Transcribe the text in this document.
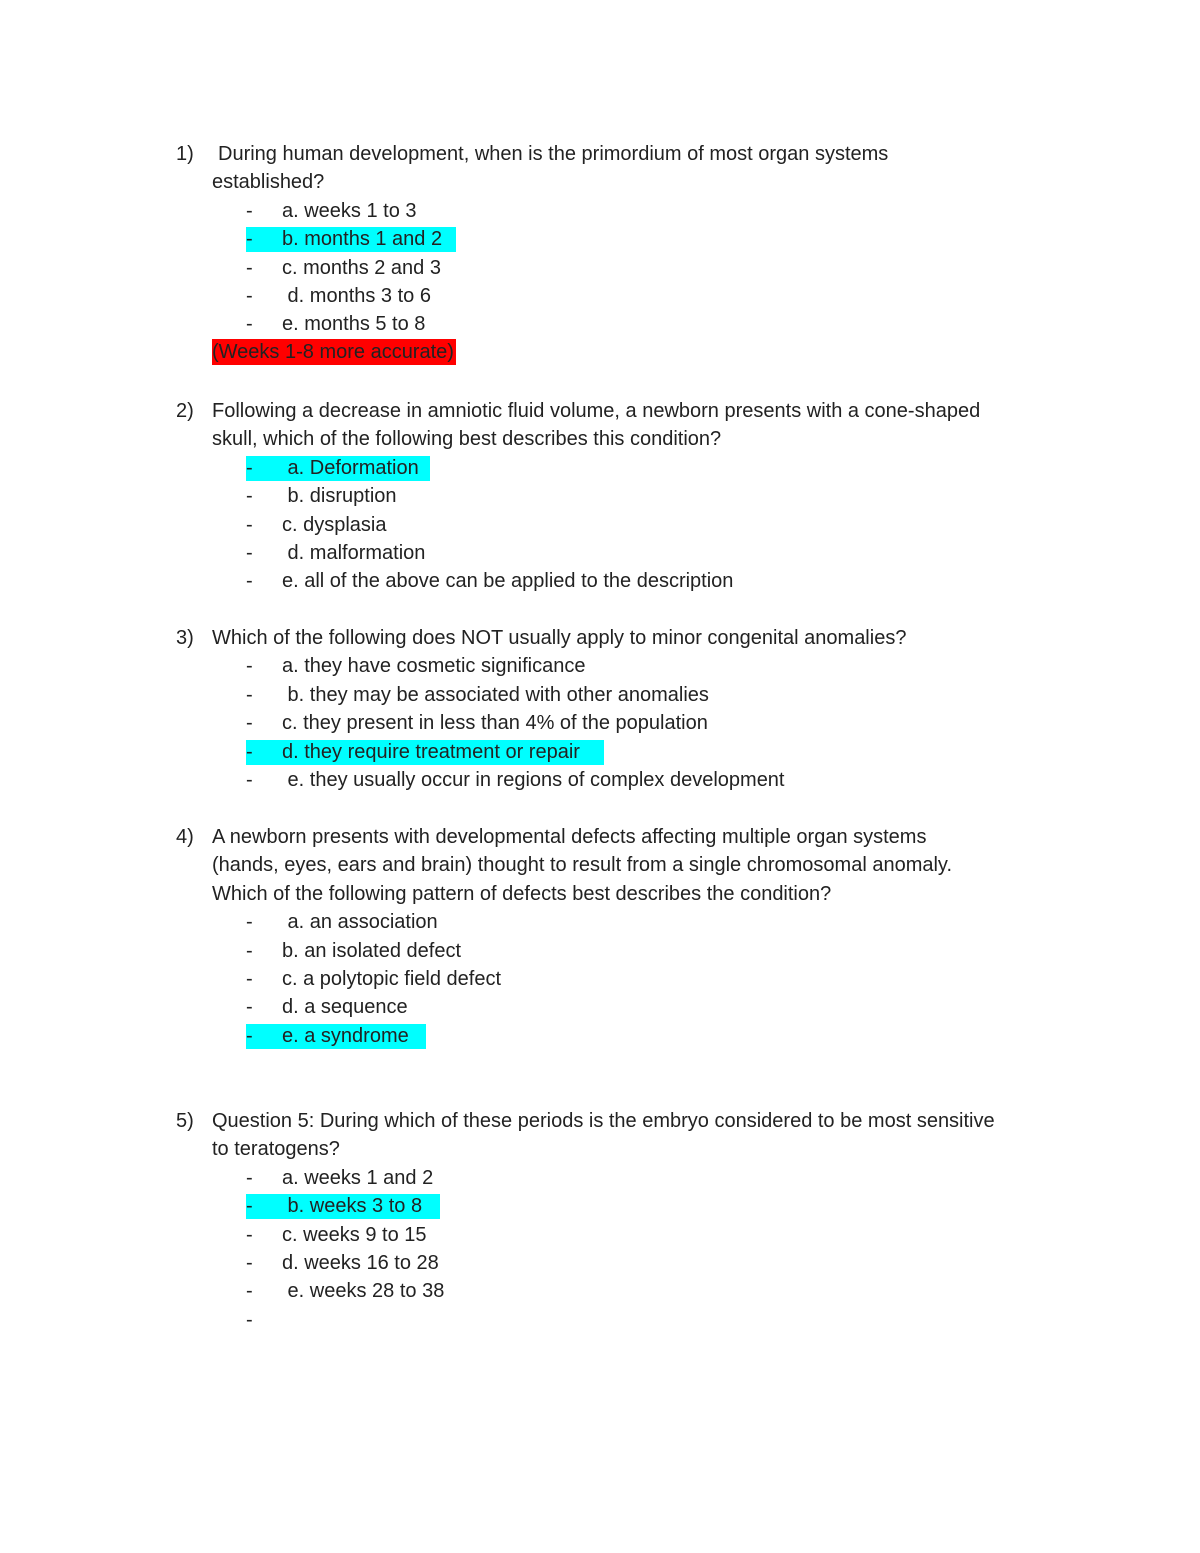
1)	During human development, when is the primordium of most organ systems
established?
- a. weeks 1 to 3
- b. months 1 and 2
- c. months 2 and 3
- d. months 3 to 6
- e. months 5 to 8
(Weeks 1-8 more accurate)
2) Following a decrease in amniotic fluid volume, a newborn presents with a cone-shaped
skull, which of the following best describes this condition?
- a. Deformation
- b. disruption
- c. dysplasia
- d. malformation
- e. all of the above can be applied to the description
3) Which of the following does NOT usually apply to minor congenital anomalies?
- a. they have cosmetic significance
- b. they may be associated with other anomalies
- c. they present in less than 4% of the population
- d. they require treatment or repair
- e. they usually occur in regions of complex development
4) A newborn presents with developmental defects affecting multiple organ systems
(hands, eyes, ears and brain) thought to result from a single chromosomal anomaly.
Which of the following pattern of defects best describes the condition?
- a. an association
- b. an isolated defect
- c. a polytopic field defect
- d. a sequence
- e. a syndrome
5) Question 5: During which of these periods is the embryo considered to be most sensitive
to teratogens?
- a. weeks 1 and 2
- b. weeks 3 to 8
- c. weeks 9 to 15
- d. weeks 16 to 28
- e. weeks 28 to 38
-
